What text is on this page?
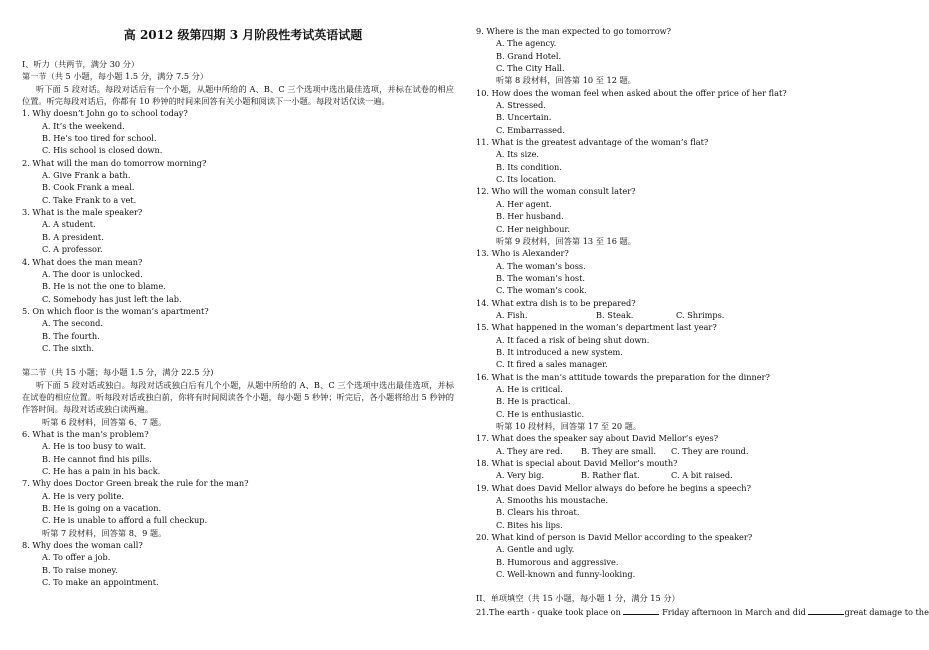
高 2012 级第四期 3 月阶段性考试英语试题
I、听力（共两节，满分 30 分）
第一节（共 5 小题，每小题 1.5 分，满分 7.5 分）
听下面 5 段对话。每段对话后有一个小题，从题中所给的 A、B、C 三个选项中选出最佳选项，并标在试卷的相应位置。听完每段对话后，你都有 10 秒钟的时间来回答有关小题和阅读下一小题。每段对话仅读一遍。
1. Why doesn’t John go to school today?
A. It’s the weekend.
B. He’s too tired for school.
C. His school is closed down.
2. What will the man do tomorrow morning?
A. Give Frank a bath.
B. Cook Frank a meal.
C. Take Frank to a vet.
3. What is the male speaker?
A. A student.
B. A president.
C. A professor.
4. What does the man mean?
A. The door is unlocked.
B. He is not the one to blame.
C. Somebody has just left the lab.
5. On which floor is the woman’s apartment?
A. The second.
B. The fourth.
C. The sixth.
第二节（共 15 小题；每小题 1.5 分，满分 22.5 分)
听下面 5 段对话或独白。每段对话或独白后有几个小题，从题中所给的 A、B、C 三个选项中选出最佳选项，并标在试卷的相应位置。听每段对话或独白前，你将有时间阅读各个小题，每小题 5 秒钟；听完后，各小题将给出 5 秒钟的作答时间。每段对话或独白读两遍。
听第 6 段材料，回答第 6、7 题。
6. What is the man’s problem?
A. He is too busy to wait.
B. He cannot find his pills.
C. He has a pain in his back.
7. Why does Doctor Green break the rule for the man?
A. He is very polite.
B. He is going on a vacation.
C. He is unable to afford a full checkup.
听第 7 段材料，回答第 8、9 题。
8. Why does the woman call?
A. To offer a job.
B. To raise money.
C. To make an appointment.
9. Where is the man expected to go tomorrow?
A. The agency.
B. Grand Hotel.
C. The City Hall.
听第 8 段材料，回答第 10 至 12 题。
10. How does the woman feel when asked about the offer price of her flat?
A. Stressed.
B. Uncertain.
C. Embarrassed.
11. What is the greatest advantage of the woman’s flat?
A. Its size.
B. Its condition.
C. Its location.
12. Who will the woman consult later?
A. Her agent.
B. Her husband.
C. Her neighbour.
听第 9 段材料，回答第 13 至 16 题。
13. Who is Alexander?
A. The woman’s boss.
B. The woman’s host.
C. The woman’s cook.
14. What extra dish is to be prepared?
A. Fish.	B. Steak.	C. Shrimps.
15. What happened in the woman’s department last year?
A. It faced a risk of being shut down.
B. It introduced a new system.
C. It fired a sales manager.
16. What is the man’s attitude towards the preparation for the dinner?
A. He is critical.
B. He is practical.
C. He is enthusiastic.
听第 10 段材料，回答第 17 至 20 题。
17. What does the speaker say about David Mellor’s eyes?
A. They are red.	B. They are small.	C. They are round.
18. What is special about David Mellor’s mouth?
A. Very big.	B. Rather flat.	C. A bit raised.
19. What does David Mellor always do before he begins a speech?
A. Smooths his moustache.
B. Clears his throat.
C. Bites his lips.
20. What kind of person is David Mellor according to the speaker?
A. Gentle and ugly.
B. Humorous and aggressive.
C. Well-known and funny-looking.
II、单项填空（共 15 小题，每小题 1 分，满分 15 分）
21.The earth - quake took place on	Friday afternoon in March and did	great damage to the
